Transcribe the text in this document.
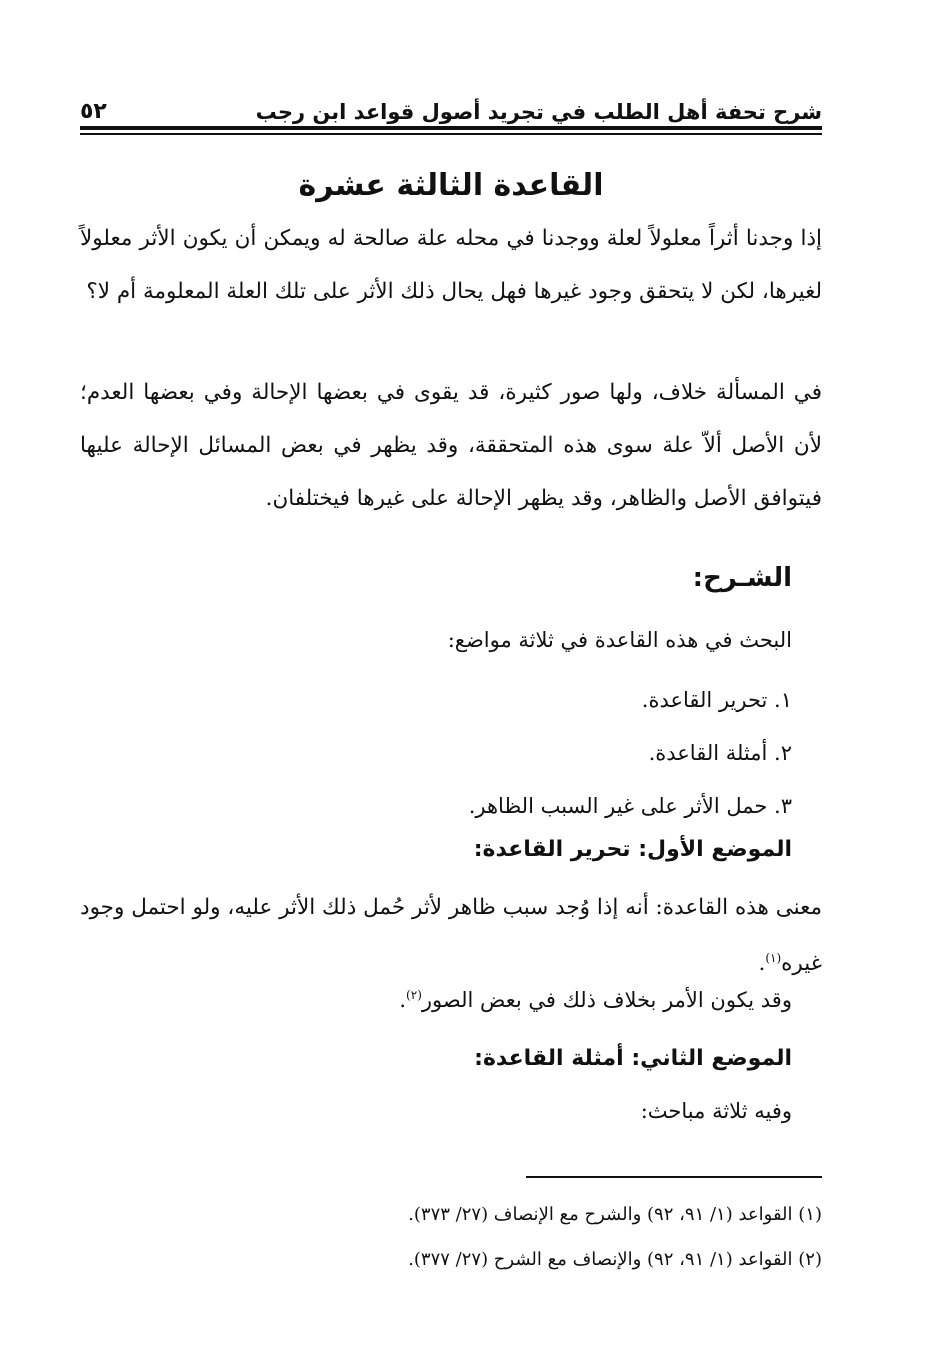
شرح تحفة أهل الطلب في تجريد أصول قواعد ابن رجب
٥٢
القاعدة الثالثة عشرة

إذا وجدنا أثراً معلولاً لعلة ووجدنا في محله علة صالحة له ويمكن أن يكون الأثر معلولاً لغيرها، لكن لا يتحقق وجود غيرها فهل يحال ذلك الأثر على تلك العلة المعلومة أم لا؟

في المسألة خلاف، ولها صور كثيرة، قد يقوى في بعضها الإحالة وفي بعضها العدم؛ لأن الأصل ألاّ علة سوى هذه المتحققة، وقد يظهر في بعض المسائل الإحالة عليها فيتوافق الأصل والظاهر، وقد يظهر الإحالة على غيرها فيختلفان.

الشـرح:
البحث في هذه القاعدة في ثلاثة مواضع:
١. تحرير القاعدة.
٢. أمثلة القاعدة.
٣. حمل الأثر على غير السبب الظاهر.
الموضع الأول: تحرير القاعدة:

معنى هذه القاعدة: أنه إذا وُجد سبب ظاهر لأثر حُمل ذلك الأثر عليه، ولو احتمل وجود غيره$^{(١)}$.

وقد يكون الأمر بخلاف ذلك في بعض الصور$^{(٢)}$.
الموضع الثاني: أمثلة القاعدة:
وفيه ثلاثة مباحث:
(١) القواعد (١/ ٩١، ٩٢) والشرح مع الإنصاف (٢٧/ ٣٧٣).
(٢) القواعد (١/ ٩١، ٩٢) والإنصاف مع الشرح (٢٧/ ٣٧٧).
